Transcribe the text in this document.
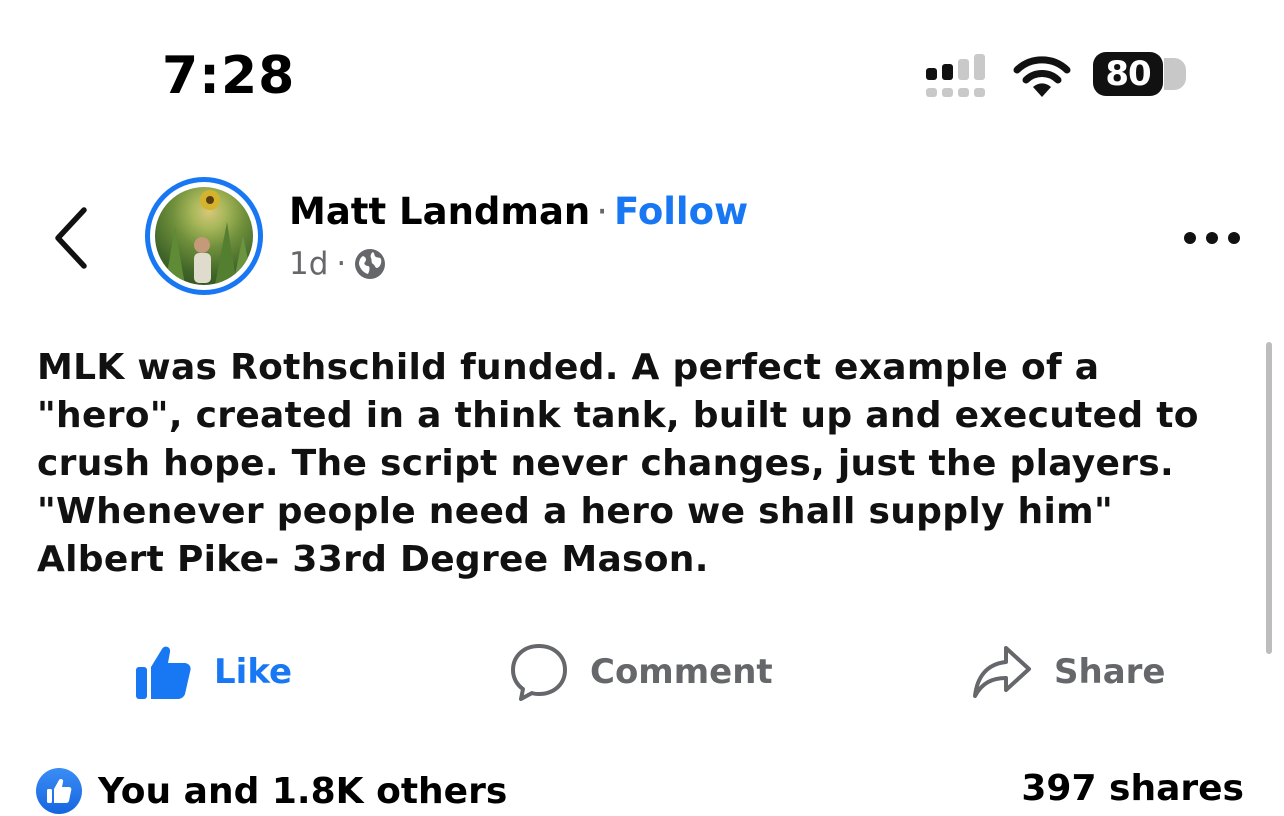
7:28	80
Matt Landman · Follow
1d ·
MLK was Rothschild funded. A perfect example of a "hero", created in a think tank, built up and executed to crush hope. The script never changes, just the players. "Whenever people need a hero we shall supply him" Albert Pike- 33rd Degree Mason.
Like	Comment	Share
You and 1.8K others	397 shares
